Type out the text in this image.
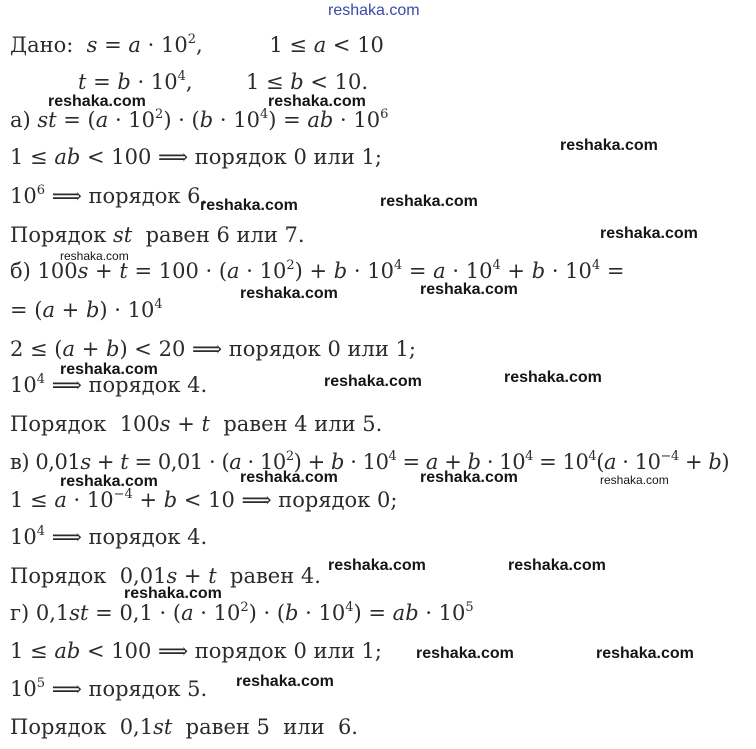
Дано:  $s = a \cdot 10^2$,          1 ≤ a < 10
$t = b \cdot 10^4$,        1 ≤ b < 10.
а) st = $(a \cdot 10^2) \cdot (b \cdot 10^4)$ = ab · $10^6$
1 ≤ ab < 100 ⟹ порядок 0 или 1;
$10^6$ ⟹ порядок 6.
Порядок st  равен 6 или 7.
б) $100s + t = 100 \cdot (a \cdot 10^2) + b \cdot 10^4 = a \cdot 10^4 + b \cdot 10^4$ =
= $(a + b) \cdot 10^4$
2 ≤ (a + b) < 20 ⟹ порядок 0 или 1;
$10^4$ ⟹ порядок 4.
Порядок  100s + t  равен 4 или 5.
в) $0,01s + t = 0,01 \cdot (a \cdot 10^2) + b \cdot 10^4 = a + b \cdot 10^4 = 10^4(a \cdot 10^{-4} + b)$
$1 \le a \cdot 10^{-4} + b < 10$ ⟹ порядок 0;
$10^4$ ⟹ порядок 4.
Порядок  0,01s + t  равен 4.
г) $0,1st = 0,1 \cdot (a \cdot 10^2) \cdot (b \cdot 10^4)$ = ab · $10^5$
1 ≤ ab < 100 ⟹ порядок 0 или 1;
$10^5$ ⟹ порядок 5.
Порядок  0,1st  равен 5  или  6.
reshaka.com
reshaka.com	reshaka.com
reshaka.com
reshaka.com	reshaka.com
reshaka.com
reshaka.com
reshaka.com	reshaka.com
reshaka.com
reshaka.com	reshaka.com
reshaka.com	reshaka.com	reshaka.com	reshaka.com
reshaka.com	reshaka.com
reshaka.com
reshaka.com	reshaka.com
reshaka.com
